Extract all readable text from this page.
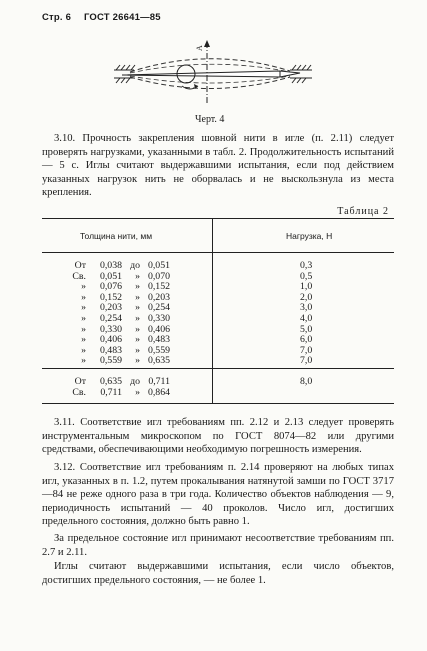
Стр. 6 ГОСТ 26641—85
А
Черт. 4
3.10. Прочность закрепления шовной нити в игле (п. 2.11) следует проверять нагрузками, указанными в табл. 2. Продолжительность испытаний — 5 с. Иглы считают выдержавшими испытания, если под действием указанных нагрузок нить не оборвалась и не выскользнула из места крепления.
Таблица 2
Толщина нити, мм	Нагрузка, Н
От 0,038 до 0,051	0,3
Св. 0,051 » 0,070	0,5
» 0,076 » 0,152	1,0
» 0,152 » 0,203	2,0
» 0,203 » 0,254	3,0
» 0,254 » 0,330	4,0
» 0,330 » 0,406	5,0
» 0,406 » 0,483	6,0
» 0,483 » 0,559	7,0
» 0,559 » 0,635	7,0
От 0,635 до 0,711	8,0
Св. 0,711 » 0,864
3.11. Соответствие игл требованиям пп. 2.12 и 2.13 следует проверять инструментальным микроскопом по ГОСТ 8074—82 или другими средствами, обеспечивающими необходимую погрешность измерения.
3.12. Соответствие игл требованиям п. 2.14 проверяют на любых типах игл, указанных в п. 1.2, путем прокалывания натянутой замши по ГОСТ 3717—84 не реже одного раза в три года. Количество объектов наблюдения — 9, периодичность испытаний — 40 проколов. Число игл, достигших предельного состояния, должно быть равно 1.
За предельное состояние игл принимают несоответствие требованиям пп. 2.7 и 2.11.
Иглы считают выдержавшими испытания, если число объектов, достигших предельного состояния, — не более 1.
